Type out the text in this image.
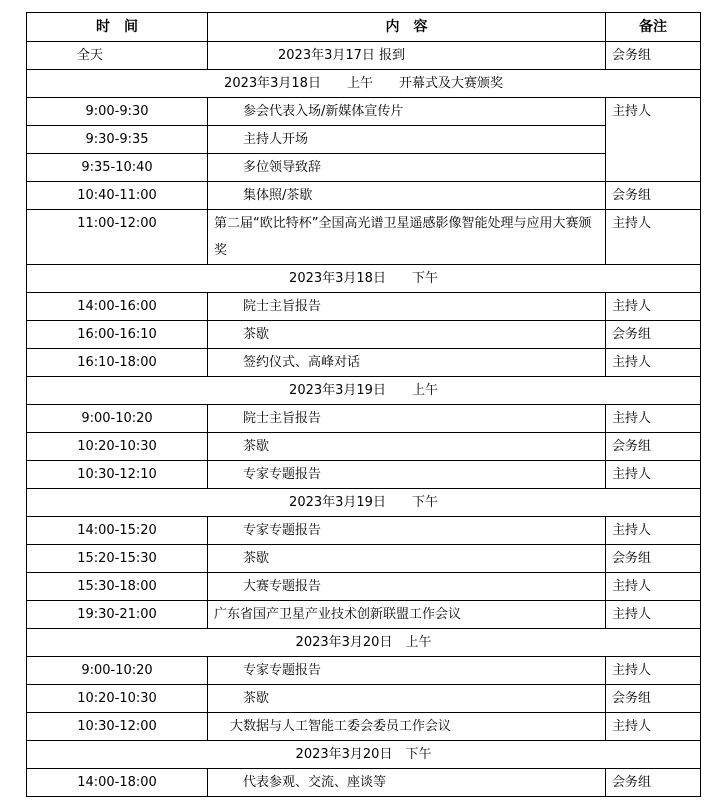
时　间	内　容	备注
全天	2023年3月17日 报到	会务组
2023年3月18日　　上午　　开幕式及大赛颁奖		
9:00-9:30	参会代表入场/新媒体宣传片	主持人
9:30-9:35	主持人开场	
9:35-10:40	多位领导致辞	
10:40-11:00	集体照/茶歇	会务组
11:00-12:00	第二届“欧比特杯”全国高光谱卫星遥感影像智能处理与应用大赛颁奖	主持人
2023年3月18日　　下午		
14:00-16:00	院士主旨报告	主持人
16:00-16:10	茶歇	会务组
16:10-18:00	签约仪式、高峰对话	主持人
2023年3月19日　　上午		
9:00-10:20	院士主旨报告	主持人
10:20-10:30	茶歇	会务组
10:30-12:10	专家专题报告	主持人
2023年3月19日　　下午		
14:00-15:20	专家专题报告	主持人
15:20-15:30	茶歇	会务组
15:30-18:00	大赛专题报告	主持人
19:30-21:00	广东省国产卫星产业技术创新联盟工作会议	主持人
2023年3月20日　上午		
9:00-10:20	专家专题报告	主持人
10:20-10:30	茶歇	会务组
10:30-12:00	大数据与人工智能工委会委员工作会议	主持人
2023年3月20日　下午		
14:00-18:00	代表参观、交流、座谈等	会务组
